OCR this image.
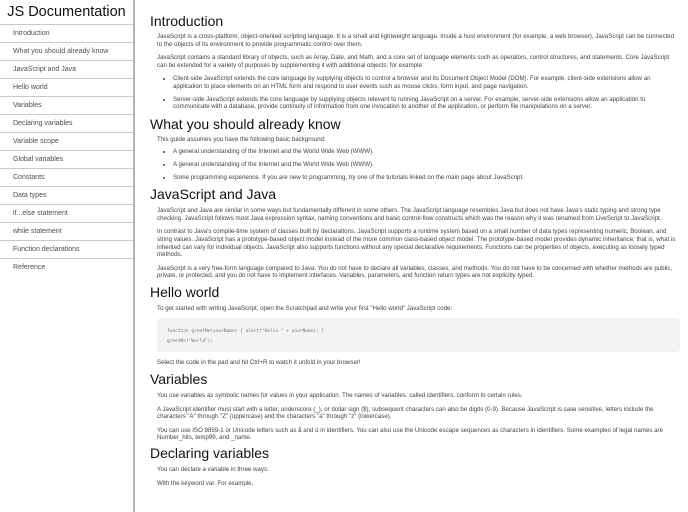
JS Documentation
Introduction
What you should already know
JavaScript and Java
Hello world
Variables
Declaring variables
Variable scope
Global variables
Constants
Data types
if...else statement
while statement
Function declarations
Reference
Introduction

JavaScript is a cross-platform, object-oriented scripting language. It is a small and lightweight language. Inside a host environment (for example, a web browser), JavaScript can be connected to the objects of its environment to provide programmatic control over them.

JavaScript contains a standard library of objects, such as Array, Date, and Math, and a core set of language elements such as operators, control structures, and statements. Core JavaScript can be extended for a variety of purposes by supplementing it with additional objects; for example:

• Client-side JavaScript extends the core language by supplying objects to control a browser and its Document Object Model (DOM). For example, client-side extensions allow an application to place elements on an HTML form and respond to user events such as mouse clicks, form input, and page navigation.
• Server-side JavaScript extends the core language by supplying objects relevant to running JavaScript on a server. For example, server-side extensions allow an application to communicate with a database, provide continuity of information from one invocation to another of the application, or perform file manipulations on a server.
What you should already know

This guide assumes you have the following basic background:

• A general understanding of the Internet and the World Wide Web (WWW).
• A general understanding of the Internet and the World Wide Web (WWW).
• Some programming experience. If you are new to programming, try one of the tutorials linked on the main page about JavaScript.
JavaScript and Java

JavaScript and Java are similar in some ways but fundamentally different in some others. The JavaScript language resembles Java but does not have Java's static typing and strong type checking. JavaScript follows most Java expression syntax, naming conventions and basic control-flow constructs which was the reason why it was renamed from LiveScript to JavaScript.

In contrast to Java's compile-time system of classes built by declarations, JavaScript supports a runtime system based on a small number of data types representing numeric, Boolean, and string values. JavaScript has a prototype-based object model instead of the more common class-based object model. The prototype-based model provides dynamic inheritance; that is, what is inherited can vary for individual objects. JavaScript also supports functions without any special declarative requirements. Functions can be properties of objects, executing as loosely typed methods.

JavaScript is a very free-form language compared to Java. You do not have to declare all variables, classes, and methods. You do not have to be concerned with whether methods are public, private, or protected, and you do not have to implement interfaces. Variables, parameters, and function return types are not explicitly typed.

Hello world

To get started with writing JavaScript, open the Scratchpad and write your first "Hello world" JavaScript code:

function greetMe(yourName) { alert("Hello " + yourName); }
greetMe("World");

Select the code in the pad and hit Ctrl+R to watch it unfold in your browser!

Variables

You use variables as symbolic names for values in your application. The names of variables, called identifiers, conform to certain rules.

A JavaScript identifier must start with a letter, underscore (_), or dollar sign ($); subsequent characters can also be digits (0-9). Because JavaScript is case sensitive, letters include the characters "A" through "Z" (uppercase) and the characters "a" through "z" (lowercase).

You can use ISO 8859-1 or Unicode letters such as å and ü in identifiers. You can also use the Unicode escape sequences as characters in identifiers. Some examples of legal names are Number_hits, temp99, and _name.

Declaring variables

You can declare a variable in three ways:

With the keyword var. For example,
